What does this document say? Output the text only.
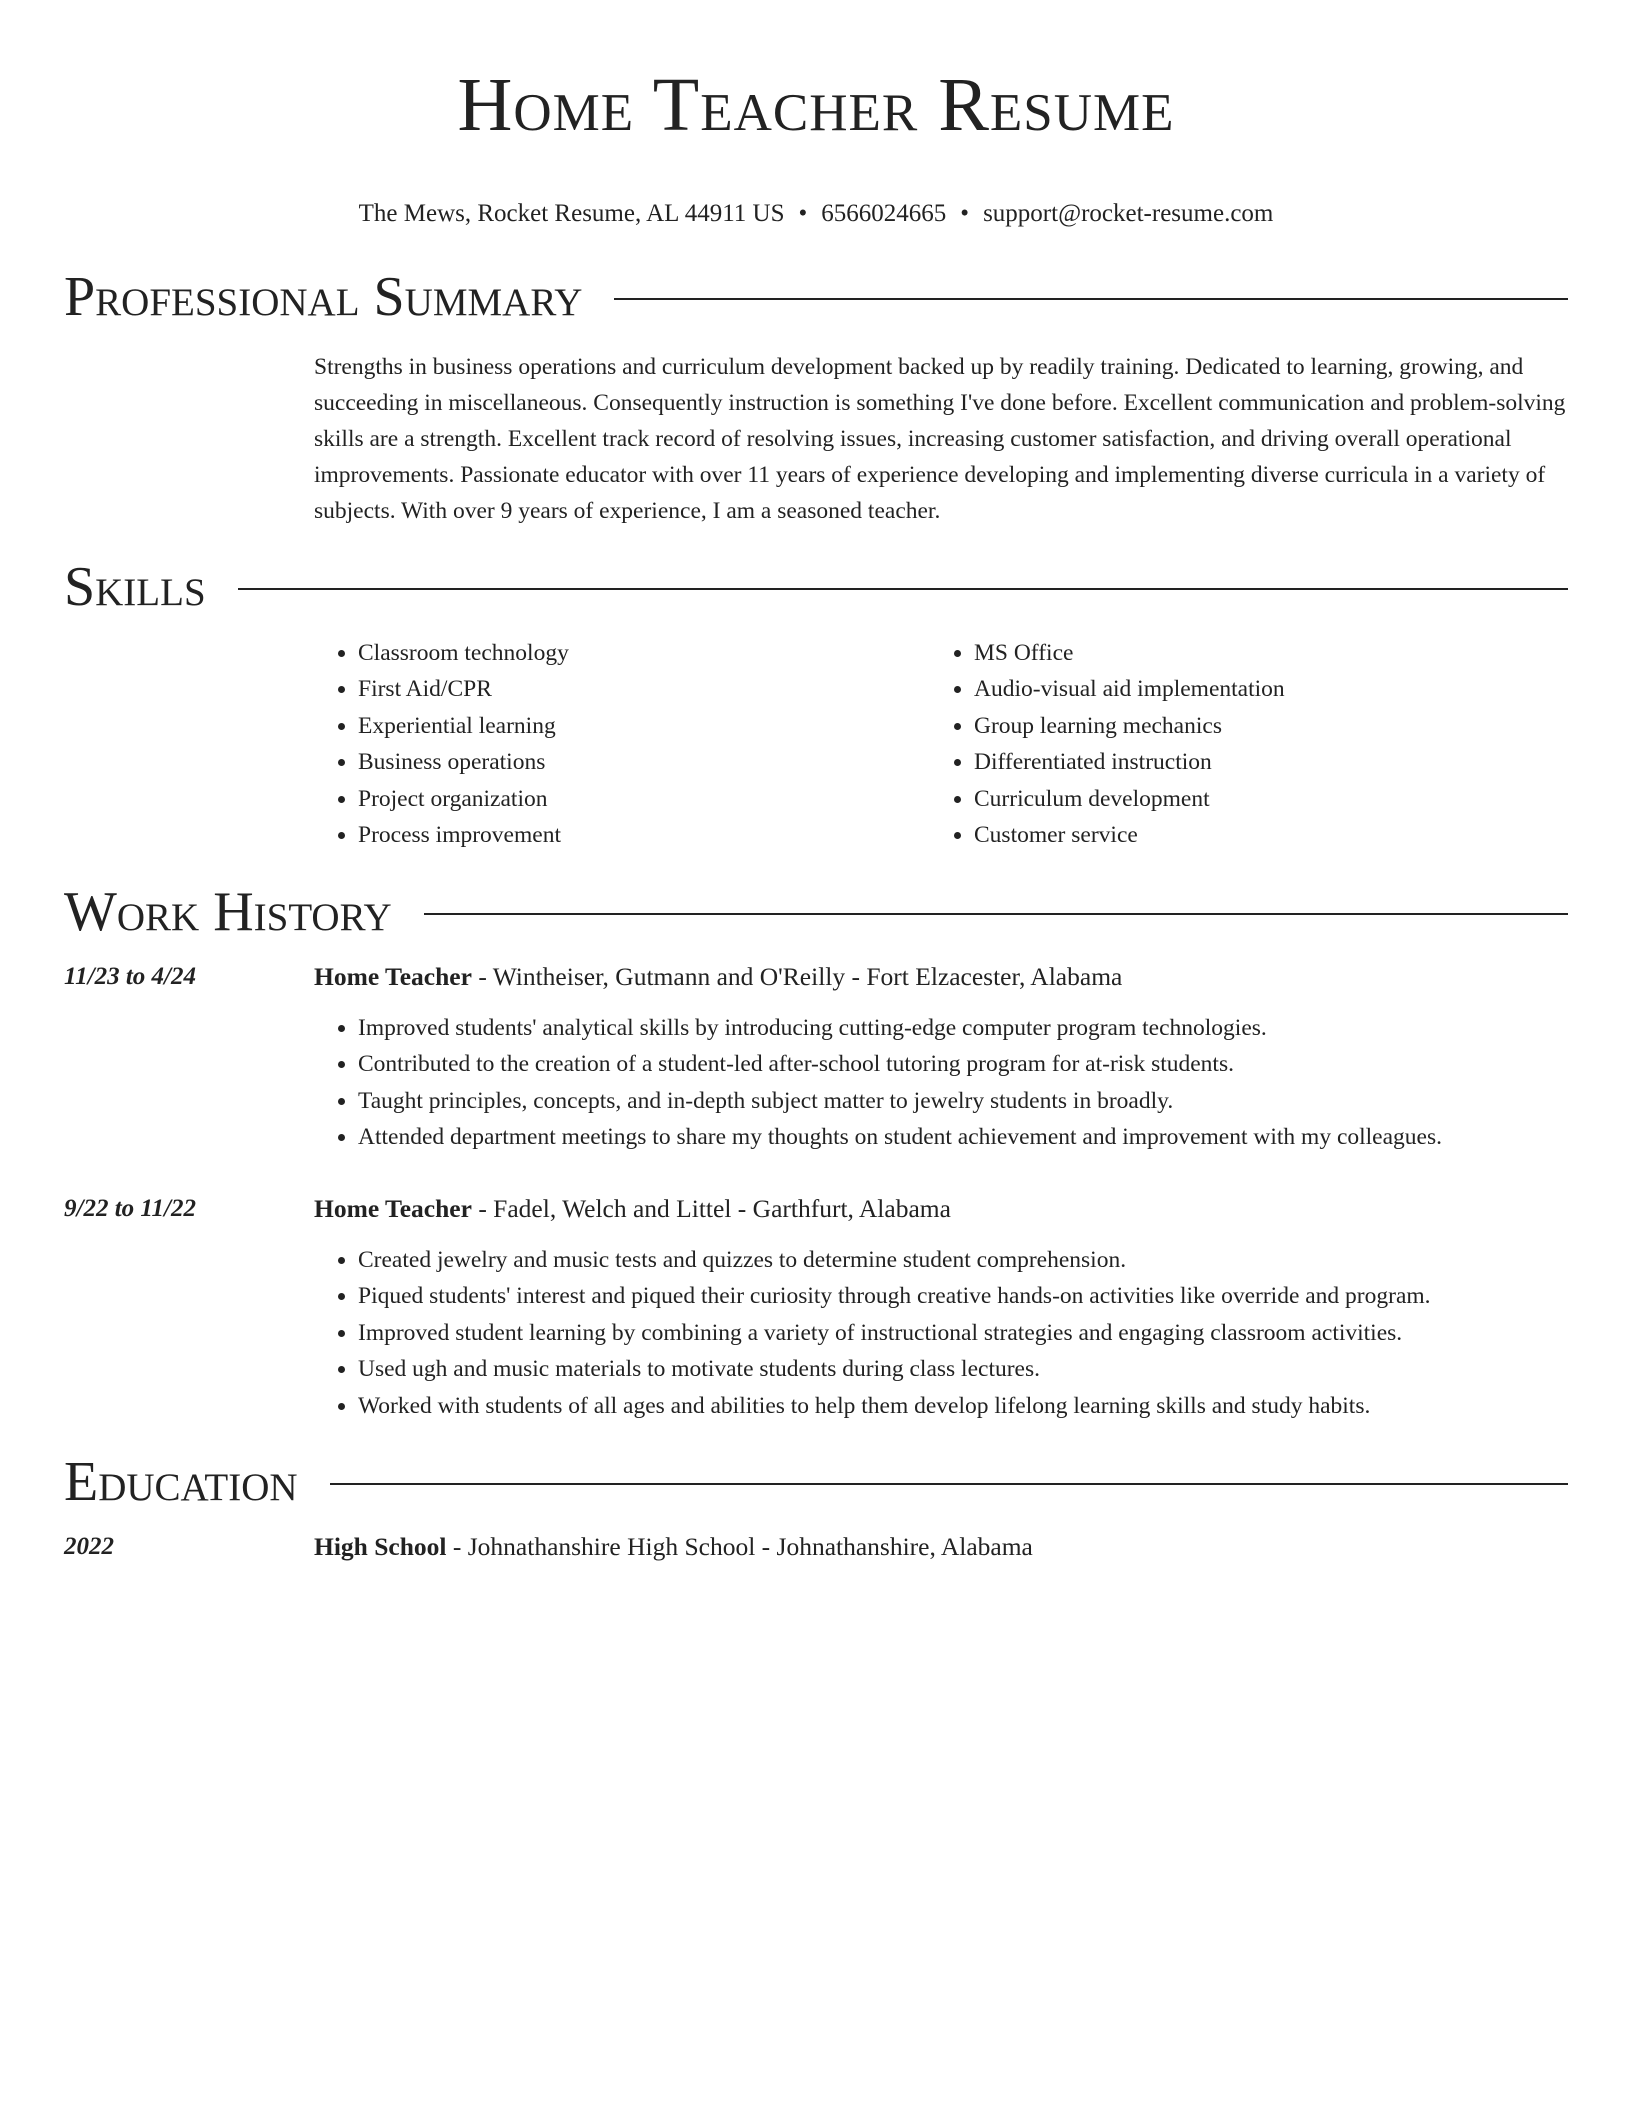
Home Teacher Resume
The Mews, Rocket Resume, AL 44911 US • 6566024665 • support@rocket-resume.com
Professional Summary
Strengths in business operations and curriculum development backed up by readily training. Dedicated to learning, growing, and succeeding in miscellaneous. Consequently instruction is something I've done before. Excellent communication and problem-solving skills are a strength. Excellent track record of resolving issues, increasing customer satisfaction, and driving overall operational improvements. Passionate educator with over 11 years of experience developing and implementing diverse curricula in a variety of subjects. With over 9 years of experience, I am a seasoned teacher.
Skills
• Classroom technology
• First Aid/CPR
• Experiential learning
• Business operations
• Project organization
• Process improvement
• MS Office
• Audio-visual aid implementation
• Group learning mechanics
• Differentiated instruction
• Curriculum development
• Customer service
Work History
11/23 to 4/24	Home Teacher - Wintheiser, Gutmann and O'Reilly - Fort Elzacester, Alabama
• Improved students' analytical skills by introducing cutting-edge computer program technologies.
• Contributed to the creation of a student-led after-school tutoring program for at-risk students.
• Taught principles, concepts, and in-depth subject matter to jewelry students in broadly.
• Attended department meetings to share my thoughts on student achievement and improvement with my colleagues.
9/22 to 11/22	Home Teacher - Fadel, Welch and Littel - Garthfurt, Alabama
• Created jewelry and music tests and quizzes to determine student comprehension.
• Piqued students' interest and piqued their curiosity through creative hands-on activities like override and program.
• Improved student learning by combining a variety of instructional strategies and engaging classroom activities.
• Used ugh and music materials to motivate students during class lectures.
• Worked with students of all ages and abilities to help them develop lifelong learning skills and study habits.
Education
2022	High School - Johnathanshire High School - Johnathanshire, Alabama
